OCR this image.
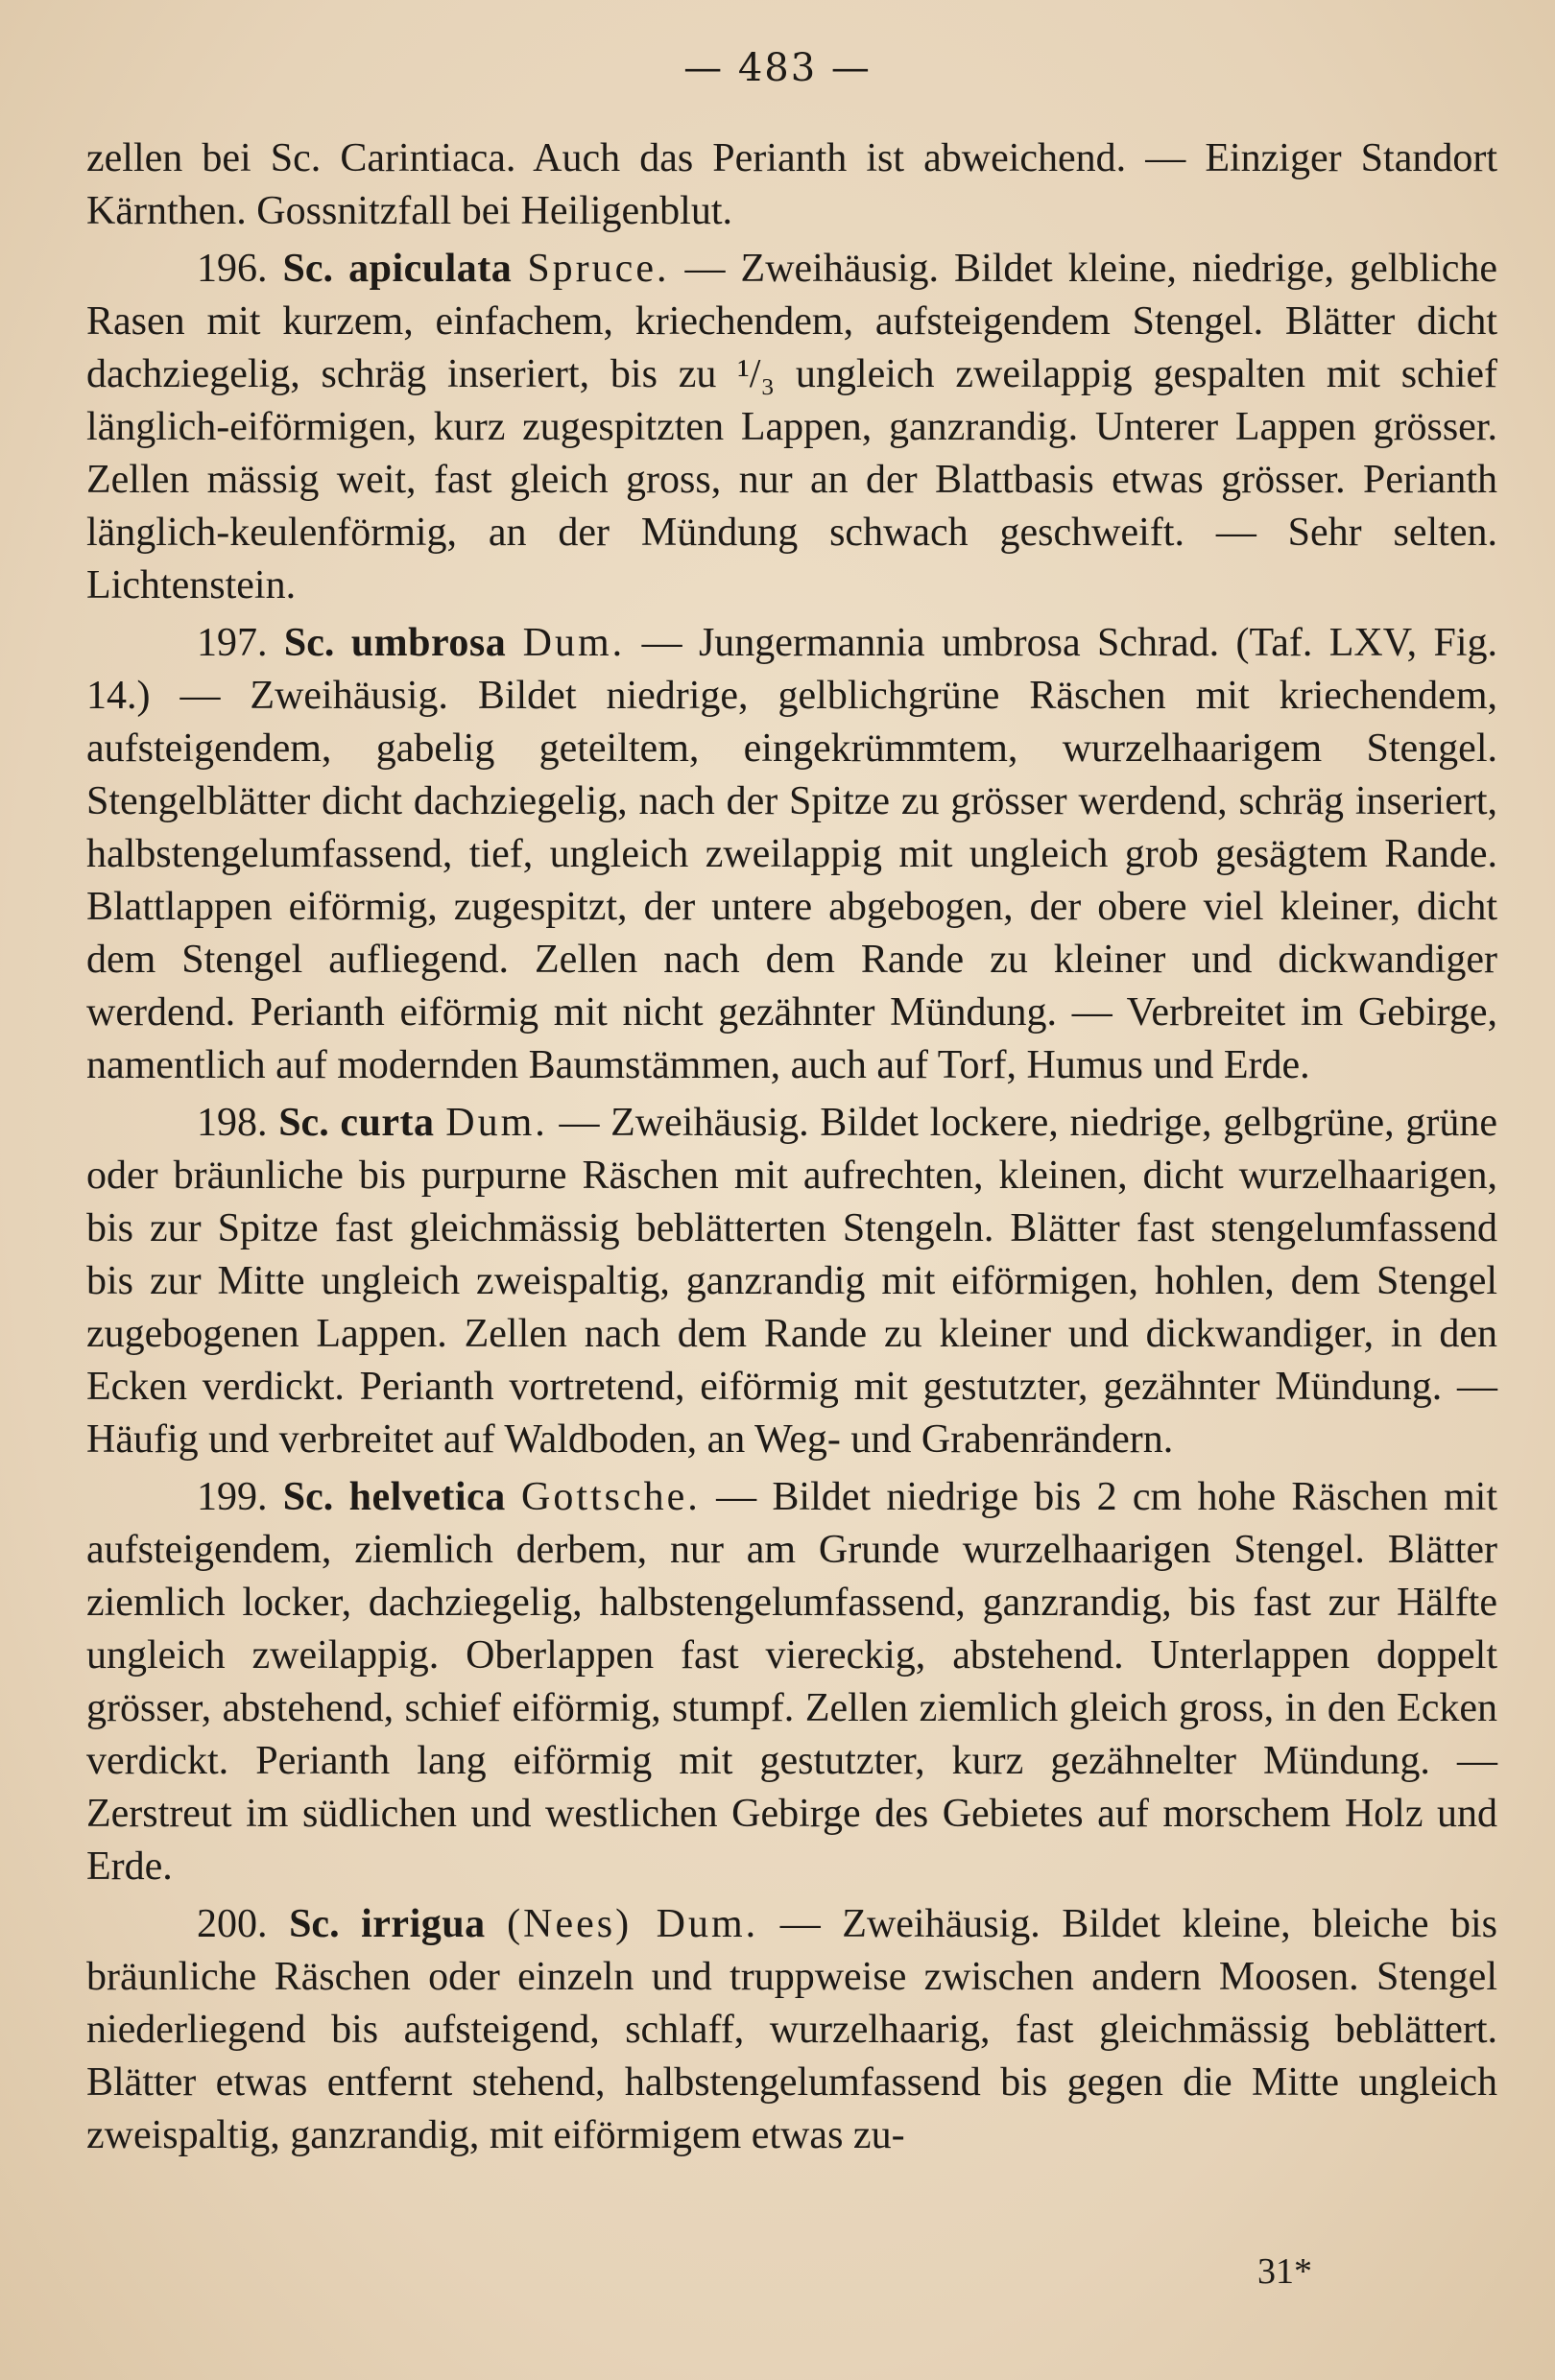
— 483 —

zellen bei Sc. Carintiaca. Auch das Perianth ist abweichend. — Einziger Standort Kärnthen. Gossnitzfall bei Heiligenblut.

196. Sc. apiculata Spruce. — Zweihäusig. Bildet kleine, niedrige, gelbliche Rasen mit kurzem, einfachem, kriechendem, aufsteigendem Stengel. Blätter dicht dachziegelig, schräg inseriert, bis zu ¹/₃ ungleich zweilappig gespalten mit schief länglich-eiförmigen, kurz zugespitzten Lappen, ganzrandig. Unterer Lappen grösser. Zellen mässig weit, fast gleich gross, nur an der Blattbasis etwas grösser. Perianth länglich-keulenförmig, an der Mündung schwach geschweift. — Sehr selten. Lichtenstein.

197. Sc. umbrosa Dum. — Jungermannia umbrosa Schrad. (Taf. LXV, Fig. 14.) — Zweihäusig. Bildet niedrige, gelblichgrüne Räschen mit kriechendem, aufsteigendem, gabelig geteiltem, eingekrümmtem, wurzelhaarigem Stengel. Stengelblätter dicht dachziegelig, nach der Spitze zu grösser werdend, schräg inseriert, halbstengelumfassend, tief, ungleich zweilappig mit ungleich grob gesägtem Rande. Blattlappen eiförmig, zugespitzt, der untere abgebogen, der obere viel kleiner, dicht dem Stengel aufliegend. Zellen nach dem Rande zu kleiner und dickwandiger werdend. Perianth eiförmig mit nicht gezähnter Mündung. — Verbreitet im Gebirge, namentlich auf modernden Baumstämmen, auch auf Torf, Humus und Erde.

198. Sc. curta Dum. — Zweihäusig. Bildet lockere, niedrige, gelbgrüne, grüne oder bräunliche bis purpurne Räschen mit aufrechten, kleinen, dicht wurzelhaarigen, bis zur Spitze fast gleichmässig beblätterten Stengeln. Blätter fast stengelumfassend bis zur Mitte ungleich zweispaltig, ganzrandig mit eiförmigen, hohlen, dem Stengel zugebogenen Lappen. Zellen nach dem Rande zu kleiner und dickwandiger, in den Ecken verdickt. Perianth vortretend, eiförmig mit gestutzter, gezähnter Mündung. — Häufig und verbreitet auf Waldboden, an Weg- und Grabenrändern.

199. Sc. helvetica Gottsche. — Bildet niedrige bis 2 cm hohe Räschen mit aufsteigendem, ziemlich derbem, nur am Grunde wurzelhaarigen Stengel. Blätter ziemlich locker, dachziegelig, halbstengelumfassend, ganzrandig, bis fast zur Hälfte ungleich zweilappig. Oberlappen fast viereckig, abstehend. Unterlappen doppelt grösser, abstehend, schief eiförmig, stumpf. Zellen ziemlich gleich gross, in den Ecken verdickt. Perianth lang eiförmig mit gestutzter, kurz gezähnelter Mündung. — Zerstreut im südlichen und westlichen Gebirge des Gebietes auf morschem Holz und Erde.

200. Sc. irrigua (Nees) Dum. — Zweihäusig. Bildet kleine, bleiche bis bräunliche Räschen oder einzeln und truppweise zwischen andern Moosen. Stengel niederliegend bis aufsteigend, schlaff, wurzelhaarig, fast gleichmässig beblättert. Blätter etwas entfernt stehend, halbstengelumfassend bis gegen die Mitte ungleich zweispaltig, ganzrandig, mit eiförmigem etwas zu-

31*
